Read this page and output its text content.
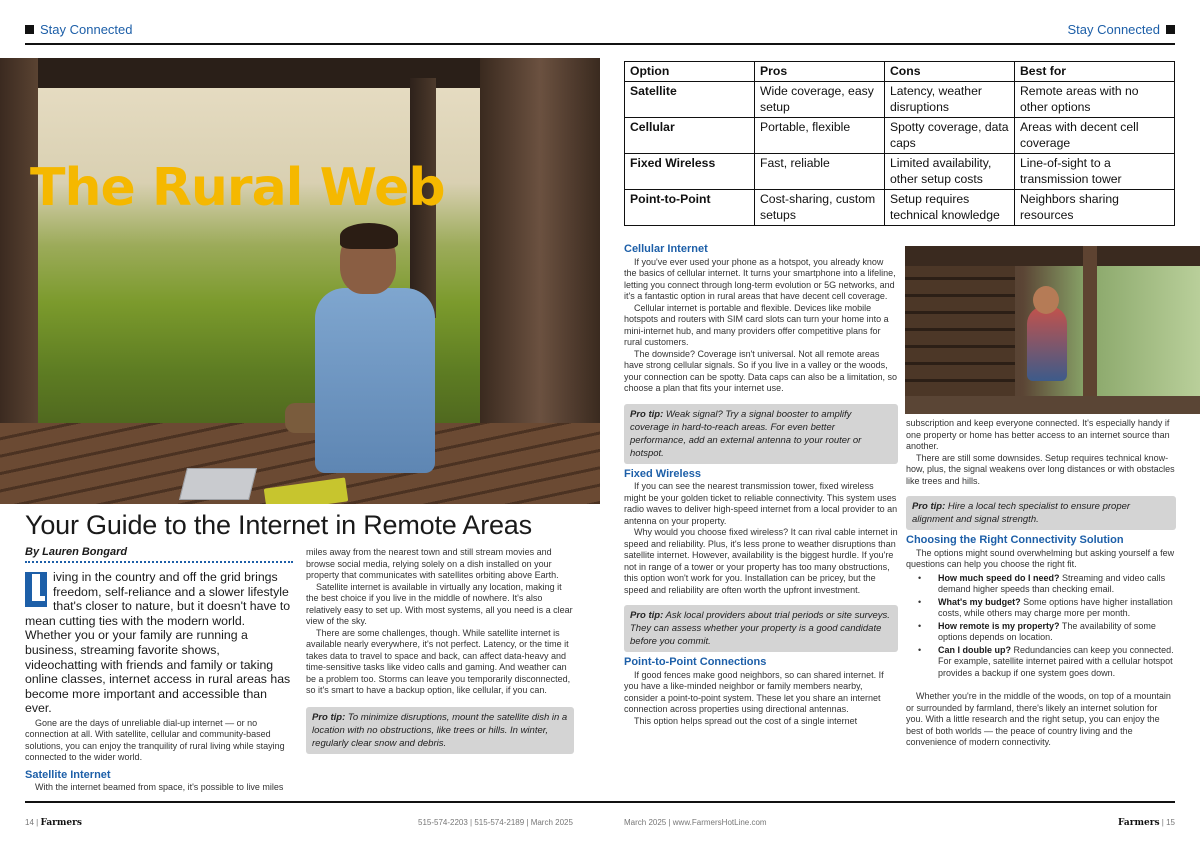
Stay Connected	Stay Connected
The Rural Web
Your Guide to the Internet in Remote Areas
By Lauren Bongard

iving in the country and off the grid brings freedom, self-reliance and a slower lifestyle that's closer to nature, but it doesn't have to mean cutting ties with the modern world. Whether you or your family are running a business, streaming favorite shows, videochatting with friends and family or taking online classes, internet access in rural areas has become more important and accessible than ever.

Gone are the days of unreliable dial-up internet — or no connection at all. With satellite, cellular and community-based solutions, you can enjoy the tranquility of rural living while staying connected to the wider world.

Satellite Internet

With the internet beamed from space, it's possible to live miles

miles away from the nearest town and still stream movies and browse social media, relying solely on a dish installed on your property that communicates with satellites orbiting above Earth.

Satellite internet is available in virtually any location, making it the best choice if you live in the middle of nowhere. It's also relatively easy to set up. With most systems, all you need is a clear view of the sky.

There are some challenges, though. While satellite internet is available nearly everywhere, it's not perfect. Latency, or the time it takes data to travel to space and back, can affect data-heavy and time-sensitive tasks like video calls and gaming. And weather can be a problem too. Storms can leave you temporarily disconnected, so it's smart to have a backup option, like cellular, if you can.

Pro tip: To minimize disruptions, mount the satellite dish in a location with no obstructions, like trees or hills. In winter, regularly clear snow and debris.
Option	Pros	Cons	Best for
Satellite	Wide coverage, easy setup	Latency, weather disruptions	Remote areas with no other options
Cellular	Portable, flexible	Spotty coverage, data caps	Areas with decent cell coverage
Fixed Wireless	Fast, reliable	Limited availability, other setup costs	Line-of-sight to a transmission tower
Point-to-Point	Cost-sharing, custom setups	Setup requires technical knowledge	Neighbors sharing resources
Cellular Internet

If you've ever used your phone as a hotspot, you already know the basics of cellular internet. It turns your smartphone into a lifeline, letting you connect through long-term evolution or 5G networks, and it's a fantastic option in rural areas that have decent cell coverage.

Cellular internet is portable and flexible. Devices like mobile hotspots and routers with SIM card slots can turn your home into a mini-internet hub, and many providers offer competitive plans for rural customers.

The downside? Coverage isn't universal. Not all remote areas have strong cellular signals. So if you live in a valley or the woods, your connection can be spotty. Data caps can also be a limitation, so choose a plan that fits your internet use.

Pro tip: Weak signal? Try a signal booster to amplify coverage in hard-to-reach areas. For even better performance, add an external antenna to your router or hotspot.
Fixed Wireless

If you can see the nearest transmission tower, fixed wireless might be your golden ticket to reliable connectivity. This system uses radio waves to deliver high-speed internet from a local provider to an antenna on your property.

Why would you choose fixed wireless? It can rival cable internet in speed and reliability. Plus, it's less prone to weather disruptions than satellite internet. However, availability is the biggest hurdle. If you're not in range of a tower or your property has too many obstructions, this option won't work for you. Installation can be pricey, but the speed and reliability are often worth the upfront investment.

Pro tip: Ask local providers about trial periods or site surveys. They can assess whether your property is a good candidate before you commit.
Point-to-Point Connections

If good fences make good neighbors, so can shared internet. If you have a like-minded neighbor or family members nearby, consider a point-to-point system. These let you share an internet connection across properties using directional antennas.

This option helps spread out the cost of a single internet

subscription and keep everyone connected. It's especially handy if one property or home has better access to an internet source than another.

There are still some downsides. Setup requires technical know-how, plus, the signal weakens over long distances or with obstacles like trees and hills.

Pro tip: Hire a local tech specialist to ensure proper alignment and signal strength.
Choosing the Right Connectivity Solution

The options might sound overwhelming but asking yourself a few questions can help you choose the right fit.

• How much speed do I need? Streaming and video calls demand higher speeds than checking email.
• What's my budget? Some options have higher installation costs, while others may charge more per month.
• How remote is my property? The availability of some options depends on location.
• Can I double up? Redundancies can keep you connected. For example, satellite internet paired with a cellular hotspot provides a backup if one system goes down.

Whether you're in the middle of the woods, on top of a mountain or surrounded by farmland, there's likely an internet solution for you. With a little research and the right setup, you can enjoy the best of both worlds — the peace of country living and the convenience of modern connectivity.

14 | Farmers	515-574-2203 | 515-574-2189 | March 2025	March 2025 | www.FarmersHotLine.com	Farmers | 15
